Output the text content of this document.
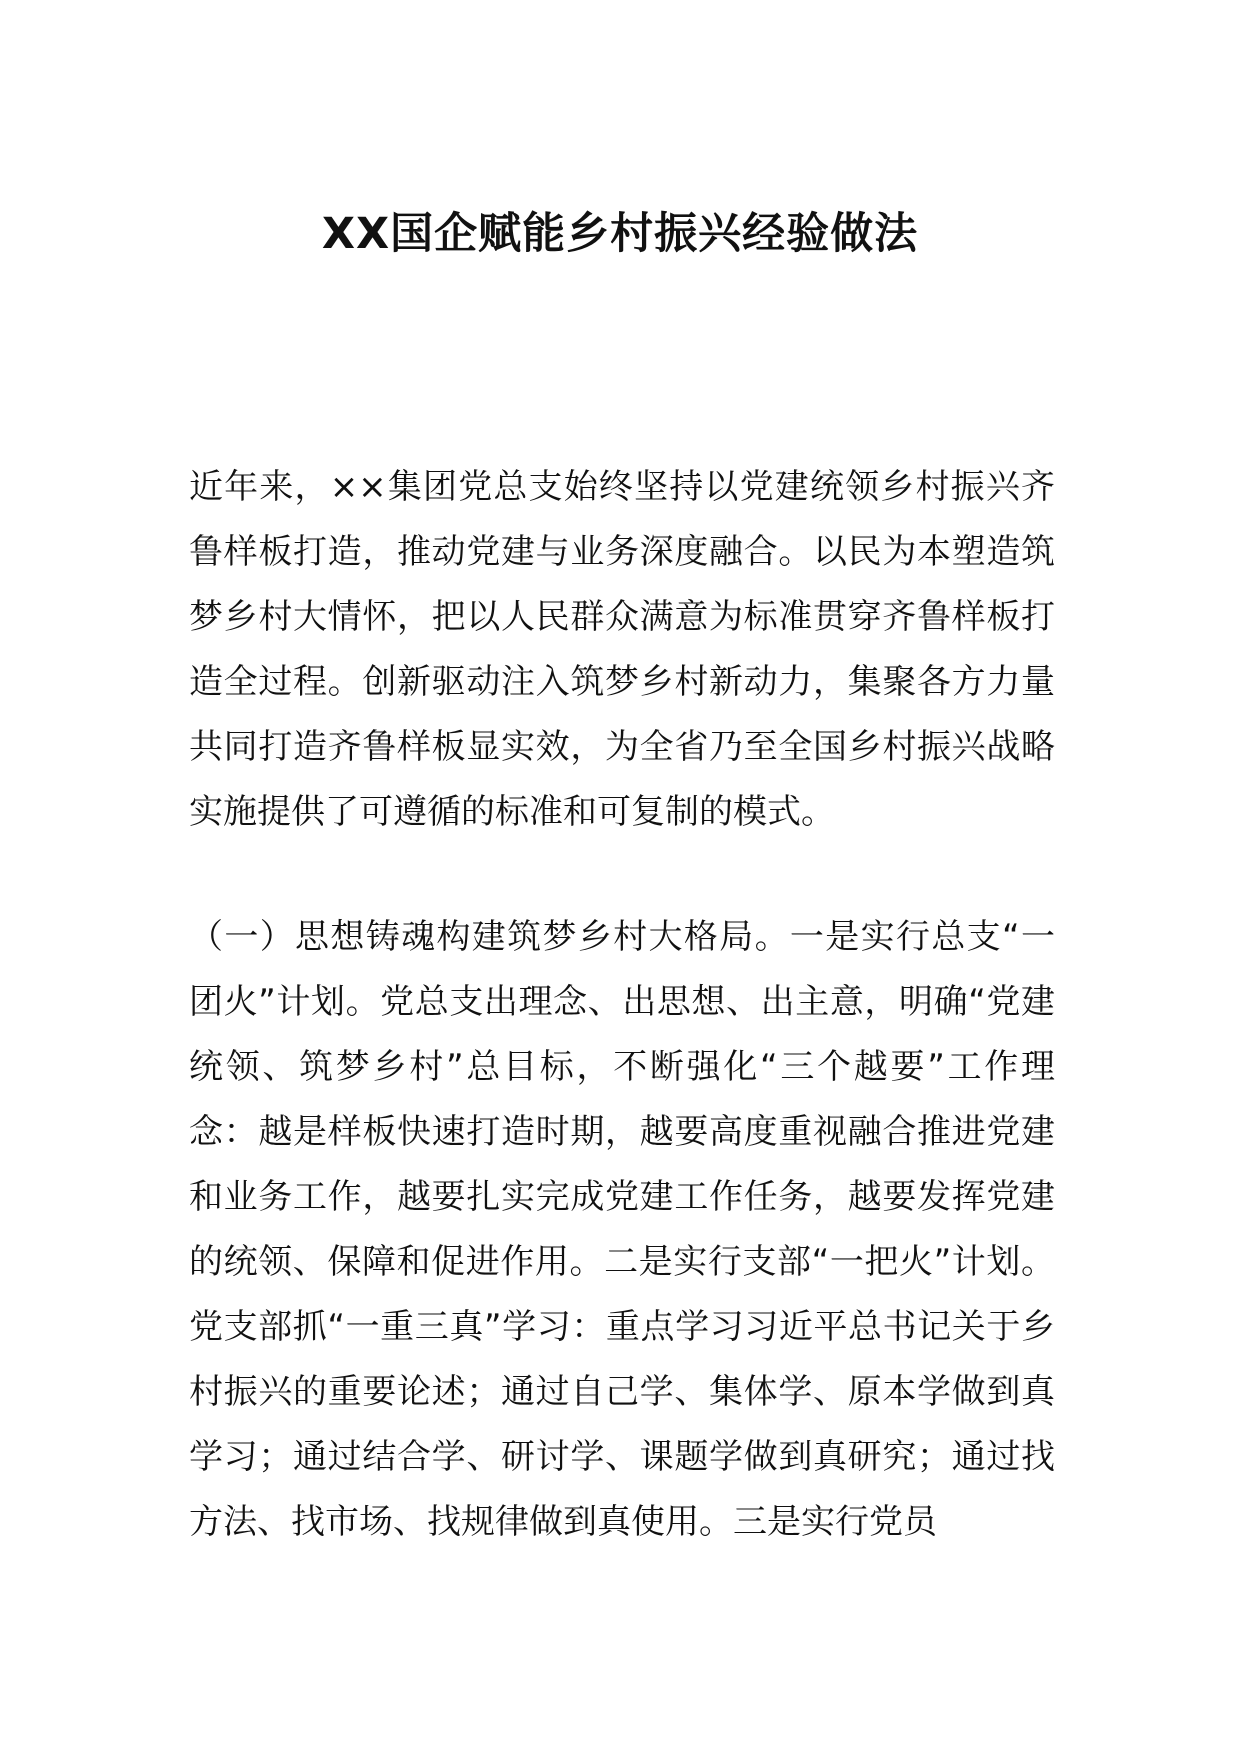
XX国企赋能乡村振兴经验做法

近年来，××集团党总支始终坚持以党建统领乡村振兴齐鲁样板打造，推动党建与业务深度融合。以民为本塑造筑梦乡村大情怀，把以人民群众满意为标准贯穿齐鲁样板打造全过程。创新驱动注入筑梦乡村新动力，集聚各方力量共同打造齐鲁样板显实效，为全省乃至全国乡村振兴战略实施提供了可遵循的标准和可复制的模式。

（一）思想铸魂构建筑梦乡村大格局。一是实行总支“一团火”计划。党总支出理念、出思想、出主意，明确“党建统领、筑梦乡村”总目标，不断强化“三个越要”工作理念：越是样板快速打造时期，越要高度重视融合推进党建和业务工作，越要扎实完成党建工作任务，越要发挥党建的统领、保障和促进作用。二是实行支部“一把火”计划。党支部抓“一重三真”学习：重点学习习近平总书记关于乡村振兴的重要论述；通过自己学、集体学、原本学做到真学习；通过结合学、研讨学、课题学做到真研究；通过找方法、找市场、找规律做到真使用。三是实行党员
